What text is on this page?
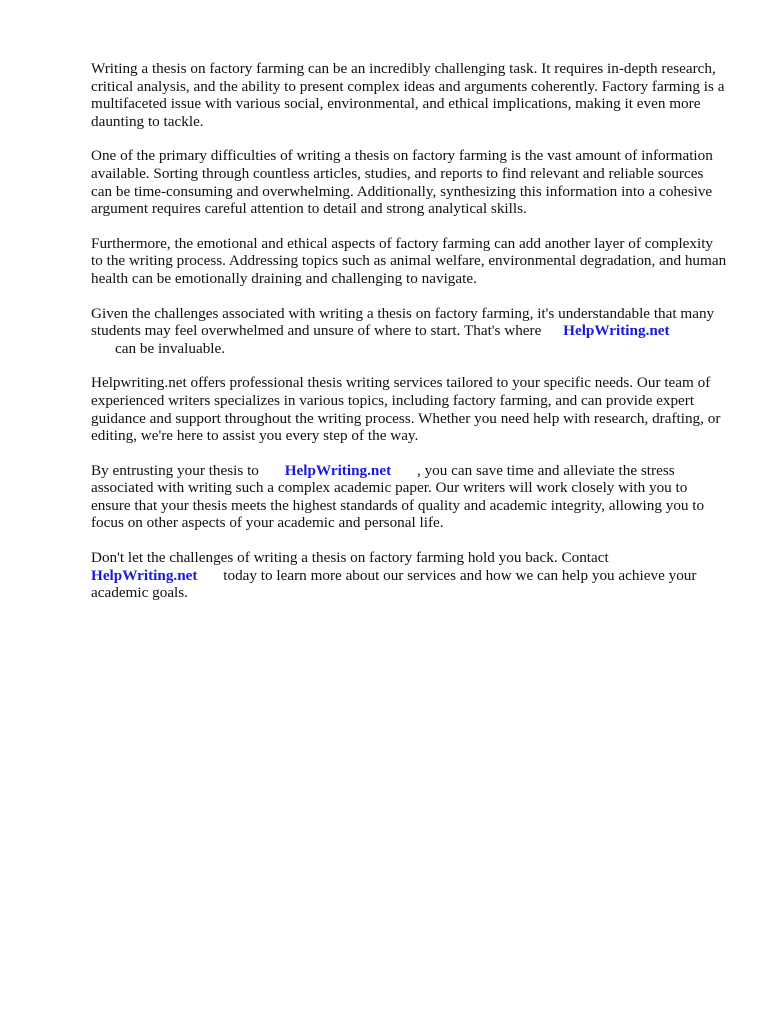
Writing a thesis on factory farming can be an incredibly challenging task. It requires in-depth research, critical analysis, and the ability to present complex ideas and arguments coherently. Factory farming is a multifaceted issue with various social, environmental, and ethical implications, making it even more daunting to tackle.

One of the primary difficulties of writing a thesis on factory farming is the vast amount of information available. Sorting through countless articles, studies, and reports to find relevant and reliable sources can be time-consuming and overwhelming. Additionally, synthesizing this information into a cohesive argument requires careful attention to detail and strong analytical skills.

Furthermore, the emotional and ethical aspects of factory farming can add another layer of complexity to the writing process. Addressing topics such as animal welfare, environmental degradation, and human health can be emotionally draining and challenging to navigate.

Given the challenges associated with writing a thesis on factory farming, it's understandable that many students may feel overwhelmed and unsure of where to start. That's where HelpWriting.net
can be invaluable.

Helpwriting.net offers professional thesis writing services tailored to your specific needs. Our team of experienced writers specializes in various topics, including factory farming, and can provide expert guidance and support throughout the writing process. Whether you need help with research, drafting, or editing, we're here to assist you every step of the way.

By entrusting your thesis to HelpWriting.net , you can save time and alleviate the stress associated with writing such a complex academic paper. Our writers will work closely with you to ensure that your thesis meets the highest standards of quality and academic integrity, allowing you to focus on other aspects of your academic and personal life.

Don't let the challenges of writing a thesis on factory farming hold you back. Contact
HelpWriting.net today to learn more about our services and how we can help you achieve your academic goals.
